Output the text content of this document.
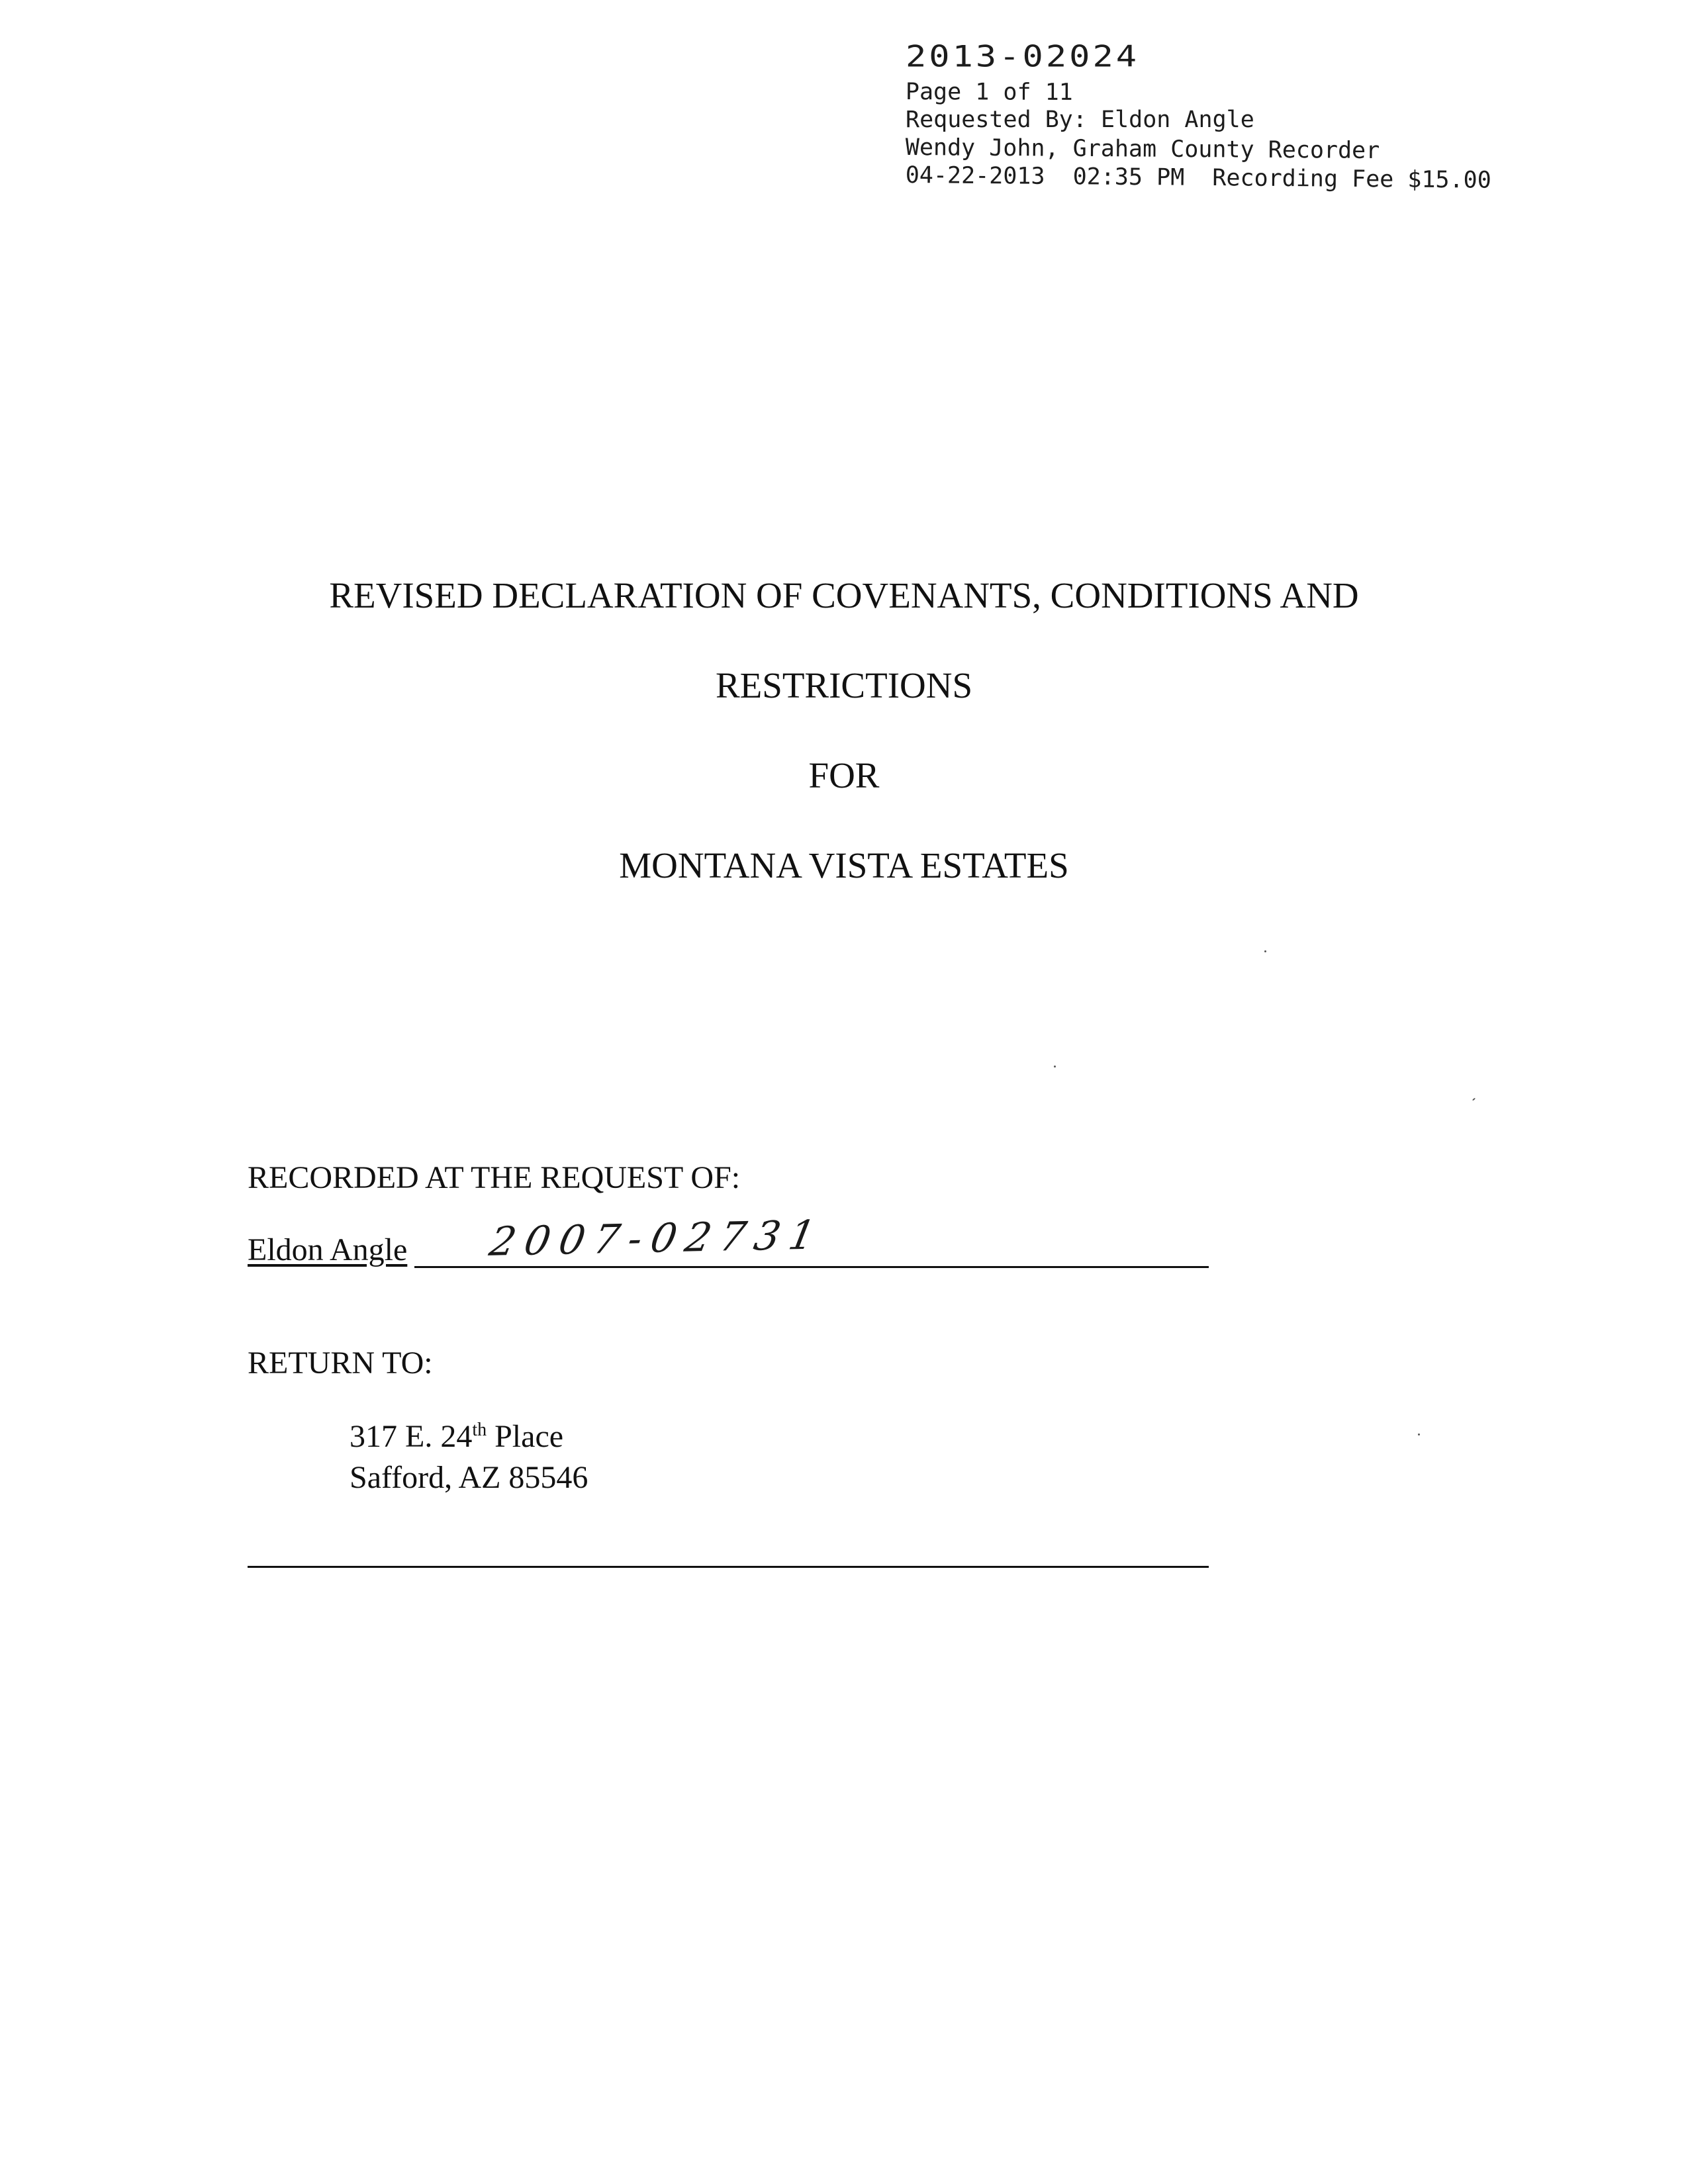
2013-02024
Page 1 of 11
Requested By: Eldon Angle
Wendy John, Graham County Recorder
04-22-2013  02:35 PM  Recording Fee $15.00
REVISED DECLARATION OF COVENANTS, CONDITIONS AND
RESTRICTIONS
FOR
MONTANA VISTA ESTATES
RECORDED AT THE REQUEST OF:
Eldon Angle 2007-02731
RETURN TO:
317 E. 24th Place
Safford, AZ 85546
